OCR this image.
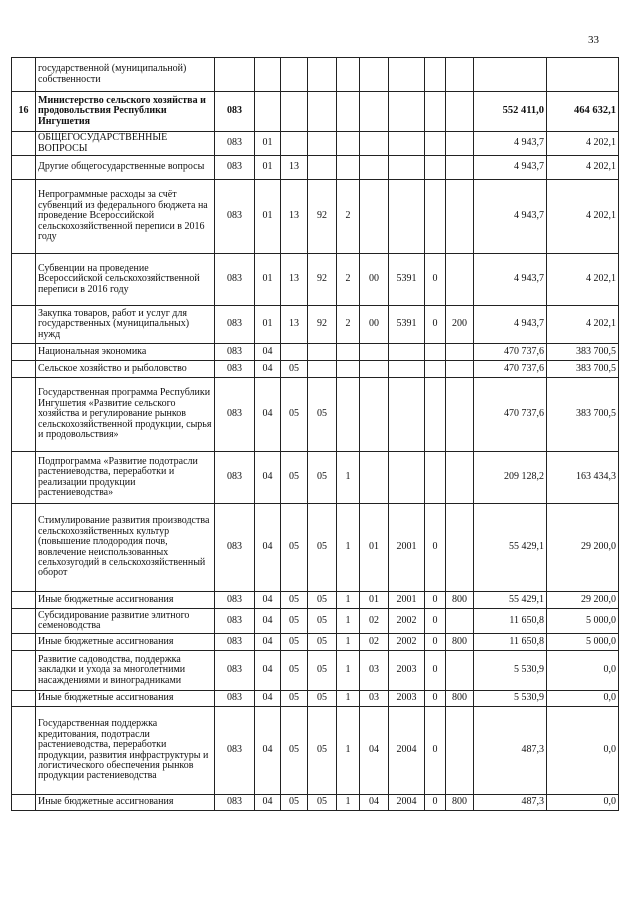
33
	государственной (муниципальной) собственности											
16	Министерство сельского хозяйства и продовольствия Республики Ингушетия	083									552 411,0	464 632,1
	ОБЩЕГОСУДАРСТВЕННЫЕ ВОПРОСЫ	083	01								4 943,7	4 202,1
	Другие общегосударственные вопросы	083	01	13							4 943,7	4 202,1
	Непрограммные расходы за счёт субвенций из федерального бюджета на проведение Всероссийской сельскохозяйственной переписи в 2016 году	083	01	13	92	2					4 943,7	4 202,1
	Субвенции на проведение Всероссийской сельскохозяйственной переписи в 2016 году	083	01	13	92	2	00	5391	0		4 943,7	4 202,1
	Закупка товаров, работ и услуг для государственных (муниципальных) нужд	083	01	13	92	2	00	5391	0	200	4 943,7	4 202,1
	Национальная экономика	083	04								470 737,6	383 700,5
	Сельское хозяйство и рыболовство	083	04	05							470 737,6	383 700,5
	Государственная программа Республики Ингушетия «Развитие сельского хозяйства и регулирование рынков сельскохозяйственной продукции, сырья и продовольствия»	083	04	05	05						470 737,6	383 700,5
	Подпрограмма «Развитие подотрасли растениеводства, переработки и реализации продукции растениеводства»	083	04	05	05	1					209 128,2	163 434,3
	Стимулирование развития производства сельскохозяйственных культур (повышение плодородия почв, вовлечение неиспользованных сельхозугодий в сельскохозяйственный оборот	083	04	05	05	1	01	2001	0		55 429,1	29 200,0
	Иные бюджетные ассигнования	083	04	05	05	1	01	2001	0	800	55 429,1	29 200,0
	Субсидирование развитие элитного семеноводства	083	04	05	05	1	02	2002	0		11 650,8	5 000,0
	Иные бюджетные ассигнования	083	04	05	05	1	02	2002	0	800	11 650,8	5 000,0
	Развитие садоводства, поддержка закладки и ухода за многолетними насаждениями и виноградниками	083	04	05	05	1	03	2003	0		5 530,9	0,0
	Иные бюджетные ассигнования	083	04	05	05	1	03	2003	0	800	5 530,9	0,0
	Государственная поддержка кредитования, подотрасли растениеводства, переработки продукции, развития инфраструктуры и логистического обеспечения рынков продукции растениеводства	083	04	05	05	1	04	2004	0		487,3	0,0
	Иные бюджетные ассигнования	083	04	05	05	1	04	2004	0	800	487,3	0,0
